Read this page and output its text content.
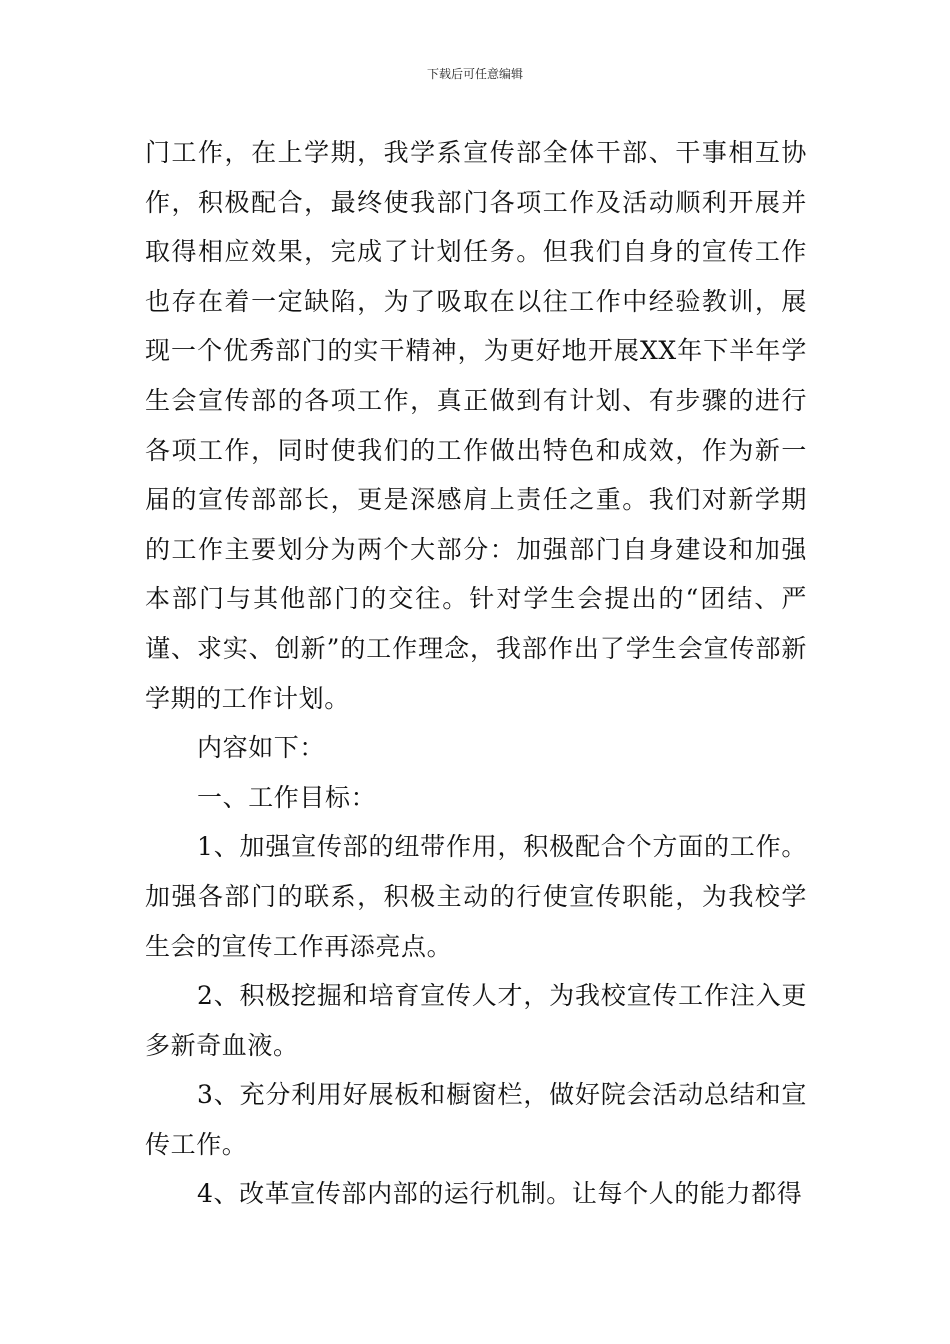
下载后可任意编辑

门工作，在上学期，我学系宣传部全体干部、干事相互协作，积极配合，最终使我部门各项工作及活动顺利开展并取得相应效果，完成了计划任务。但我们自身的宣传工作也存在着一定缺陷，为了吸取在以往工作中经验教训，展现一个优秀部门的实干精神，为更好地开展XX年下半年学生会宣传部的各项工作，真正做到有计划、有步骤的进行各项工作，同时使我们的工作做出特色和成效，作为新一届的宣传部部长，更是深感肩上责任之重。我们对新学期的工作主要划分为两个大部分：加强部门自身建设和加强本部门与其他部门的交往。针对学生会提出的“团结、严谨、求实、创新”的工作理念，我部作出了学生会宣传部新学期的工作计划。

内容如下：

一、工作目标：

1、加强宣传部的纽带作用，积极配合个方面的工作。加强各部门的联系，积极主动的行使宣传职能，为我校学生会的宣传工作再添亮点。

2、积极挖掘和培育宣传人才，为我校宣传工作注入更多新奇血液。

3、充分利用好展板和橱窗栏，做好院会活动总结和宣传工作。

4、改革宣传部内部的运行机制。让每个人的能力都得
